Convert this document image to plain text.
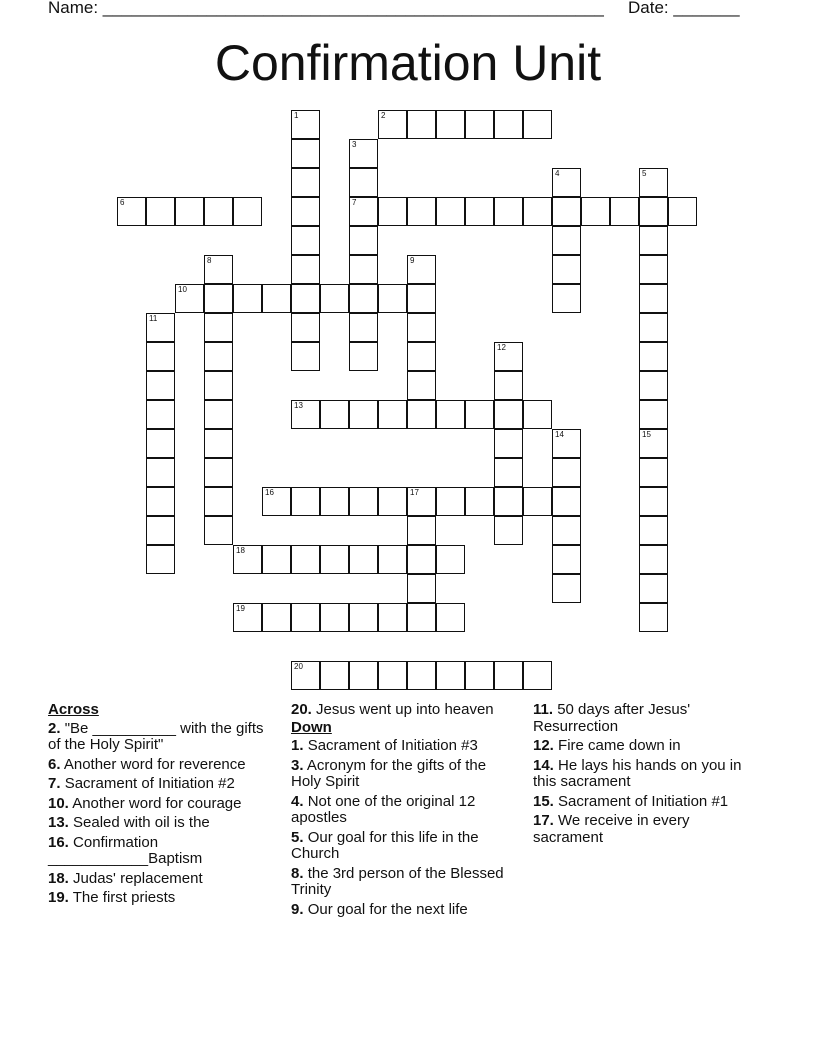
Name: _____________________________________________________ Date: _______
Confirmation Unit
1	2
3
7
4	5
6
8	9
10
11
12
13
14	15
16	17
18
19
20
Across
2. "Be __________ with the gifts of the Holy Spirit"
6. Another word for reverence
7. Sacrament of Initiation #2
10. Another word for courage
13. Sealed with oil is the
16. Confirmation ____________Baptism
18. Judas' replacement
19. The first priests
20. Jesus went up into heaven
Down
1. Sacrament of Initiation #3
3. Acronym for the gifts of the Holy Spirit
4. Not one of the original 12 apostles
5. Our goal for this life in the Church
8. the 3rd person of the Blessed Trinity
9. Our goal for the next life
11. 50 days after Jesus' Resurrection
12. Fire came down in
14. He lays his hands on you in this sacrament
15. Sacrament of Initiation #1
17. We receive in every sacrament
